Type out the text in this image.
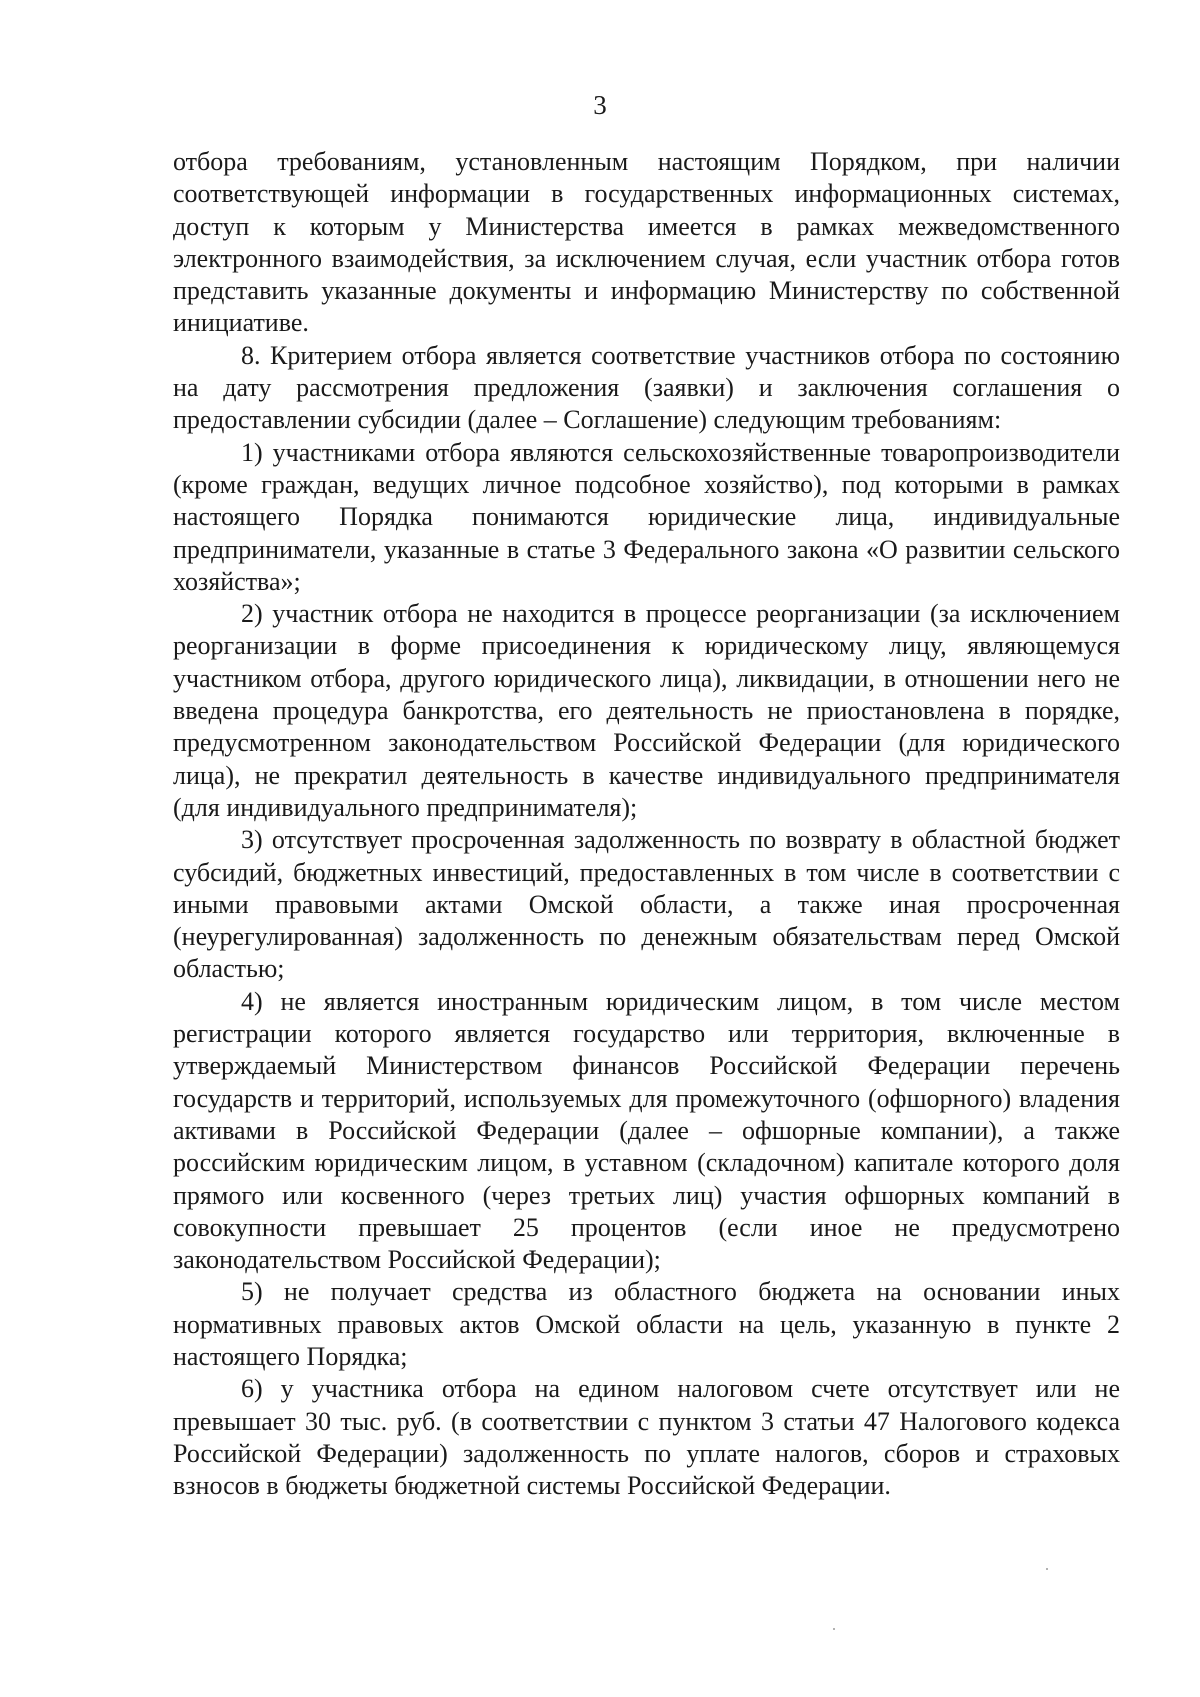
3

отбора требованиям, установленным настоящим Порядком, при наличии соответствующей информации в государственных информационных системах, доступ к которым у Министерства имеется в рамках межведомственного электронного взаимодействия, за исключением случая, если участник отбора готов представить указанные документы и информацию Министерству по собственной инициативе.

8. Критерием отбора является соответствие участников отбора по состоянию на дату рассмотрения предложения (заявки) и заключения соглашения о предоставлении субсидии (далее – Соглашение) следующим требованиям:

1) участниками отбора являются сельскохозяйственные товаропроизводители (кроме граждан, ведущих личное подсобное хозяйство), под которыми в рамках настоящего Порядка понимаются юридические лица, индивидуальные предприниматели, указанные в статье 3 Федерального закона «О развитии сельского хозяйства»;

2) участник отбора не находится в процессе реорганизации (за исключением реорганизации в форме присоединения к юридическому лицу, являющемуся участником отбора, другого юридического лица), ликвидации, в отношении него не введена процедура банкротства, его деятельность не приостановлена в порядке, предусмотренном законодательством Российской Федерации (для юридического лица), не прекратил деятельность в качестве индивидуального предпринимателя (для индивидуального предпринимателя);

3) отсутствует просроченная задолженность по возврату в областной бюджет субсидий, бюджетных инвестиций, предоставленных в том числе в соответствии с иными правовыми актами Омской области, а также иная просроченная (неурегулированная) задолженность по денежным обязательствам перед Омской областью;

4) не является иностранным юридическим лицом, в том числе местом регистрации которого является государство или территория, включенные в утверждаемый Министерством финансов Российской Федерации перечень государств и территорий, используемых для промежуточного (офшорного) владения активами в Российской Федерации (далее – офшорные компании), а также российским юридическим лицом, в уставном (складочном) капитале которого доля прямого или косвенного (через третьих лиц) участия офшорных компаний в совокупности превышает 25 процентов (если иное не предусмотрено законодательством Российской Федерации);

5) не получает средства из областного бюджета на основании иных нормативных правовых актов Омской области на цель, указанную в пункте 2 настоящего Порядка;

6) у участника отбора на едином налоговом счете отсутствует или не превышает 30 тыс. руб. (в соответствии с пунктом 3 статьи 47 Налогового кодекса Российской Федерации) задолженность по уплате налогов, сборов и страховых взносов в бюджеты бюджетной системы Российской Федерации.
